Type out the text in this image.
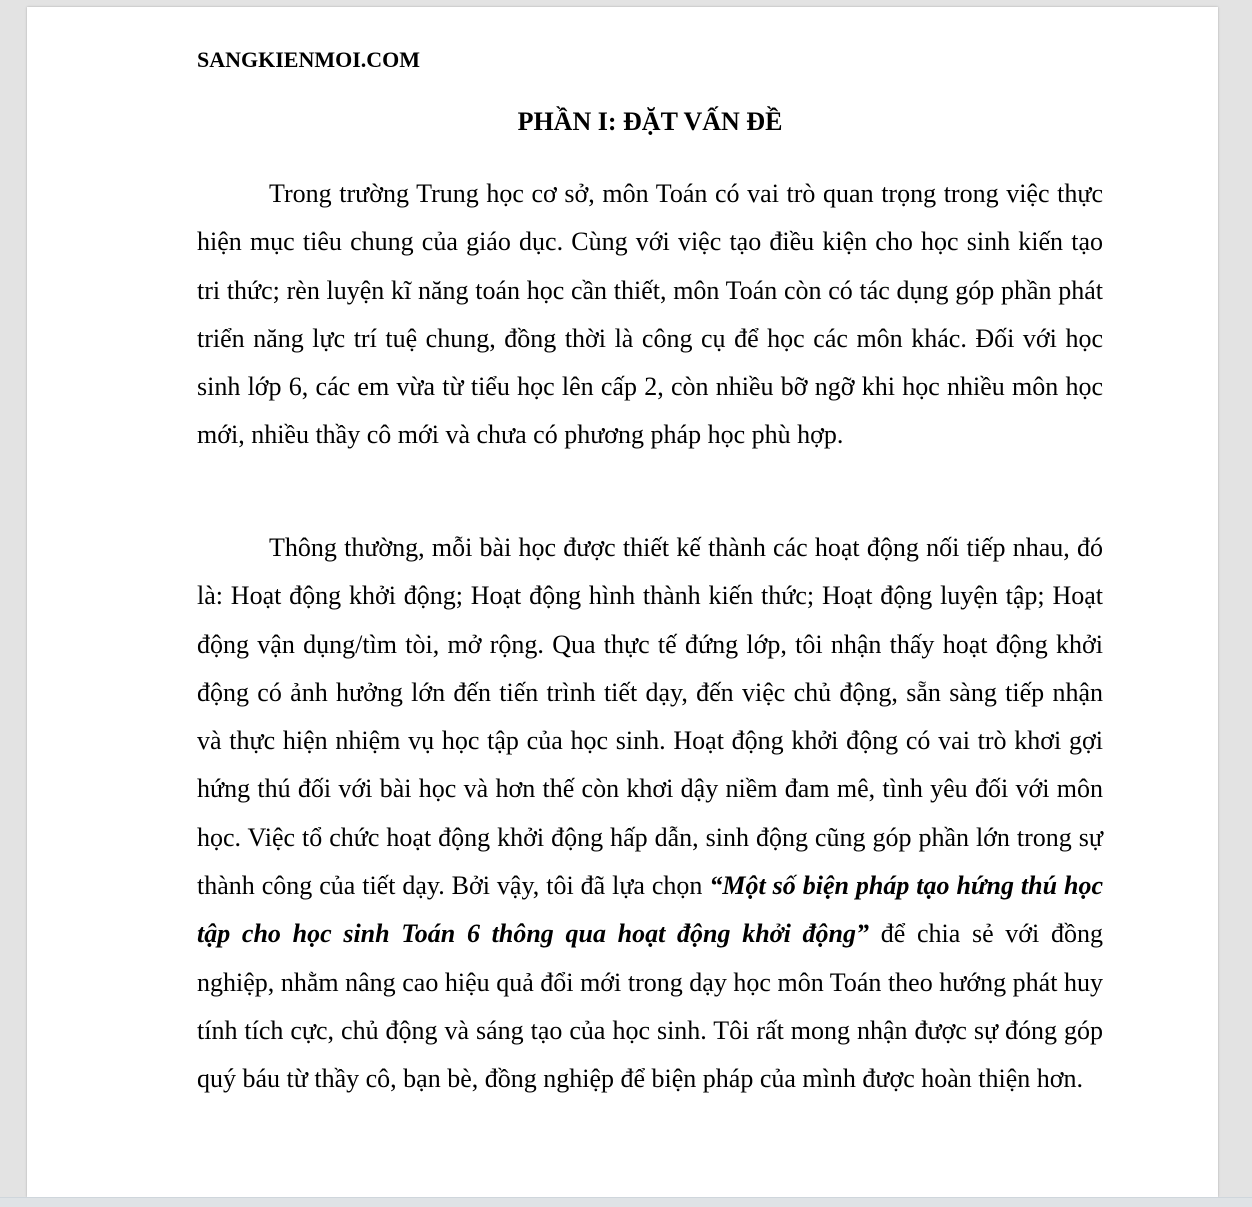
SANGKIENMOI.COM
PHẦN I: ĐẶT VẤN ĐỀ

Trong trường Trung học cơ sở, môn Toán có vai trò quan trọng trong việc thực hiện mục tiêu chung của giáo dục. Cùng với việc tạo điều kiện cho học sinh kiến tạo tri thức; rèn luyện kĩ năng toán học cần thiết, môn Toán còn có tác dụng góp phần phát triển năng lực trí tuệ chung, đồng thời là công cụ để học các môn khác. Đối với học sinh lớp 6, các em vừa từ tiểu học lên cấp 2, còn nhiều bỡ ngỡ khi học nhiều môn học mới, nhiều thầy cô mới và chưa có phương pháp học phù hợp.

Thông thường, mỗi bài học được thiết kế thành các hoạt động nối tiếp nhau, đó là: Hoạt động khởi động; Hoạt động hình thành kiến thức; Hoạt động luyện tập; Hoạt động vận dụng/tìm tòi, mở rộng. Qua thực tế đứng lớp, tôi nhận thấy hoạt động khởi động có ảnh hưởng lớn đến tiến trình tiết dạy, đến việc chủ động, sẵn sàng tiếp nhận và thực hiện nhiệm vụ học tập của học sinh. Hoạt động khởi động có vai trò khơi gợi hứng thú đối với bài học và hơn thế còn khơi dậy niềm đam mê, tình yêu đối với môn học. Việc tổ chức hoạt động khởi động hấp dẫn, sinh động cũng góp phần lớn trong sự thành công của tiết dạy. Bởi vậy, tôi đã lựa chọn “Một số biện pháp tạo hứng thú học tập cho học sinh Toán 6 thông qua hoạt động khởi động” để chia sẻ với đồng nghiệp, nhằm nâng cao hiệu quả đổi mới trong dạy học môn Toán theo hướng phát huy tính tích cực, chủ động và sáng tạo của học sinh. Tôi rất mong nhận được sự đóng góp quý báu từ thầy cô, bạn bè, đồng nghiệp để biện pháp của mình được hoàn thiện hơn.
